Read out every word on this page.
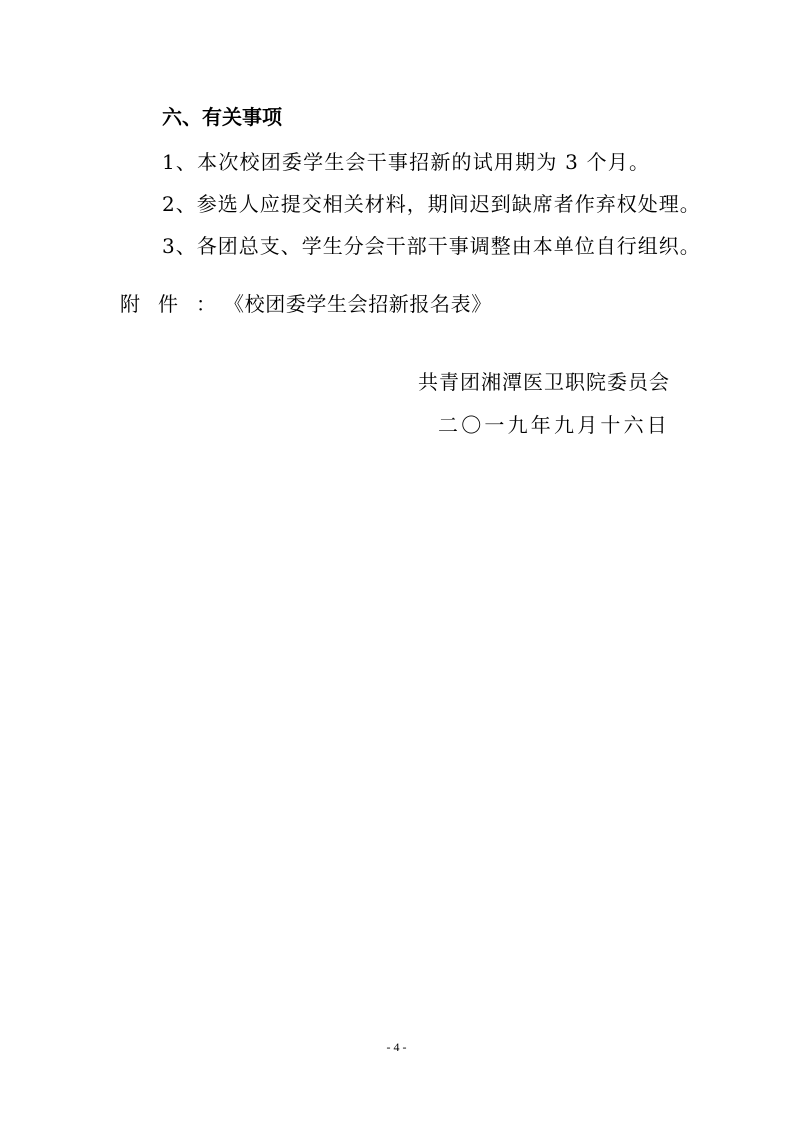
六、有关事项
1、本次校团委学生会干事招新的试用期为 3 个月。
2、参选人应提交相关材料，期间迟到缺席者作弃权处理。
3、各团总支、学生分会干部干事调整由本单位自行组织。
附件：《校团委学生会招新报名表》
共青团湘潭医卫职院委员会
二〇一九年九月十六日
- 4 -
